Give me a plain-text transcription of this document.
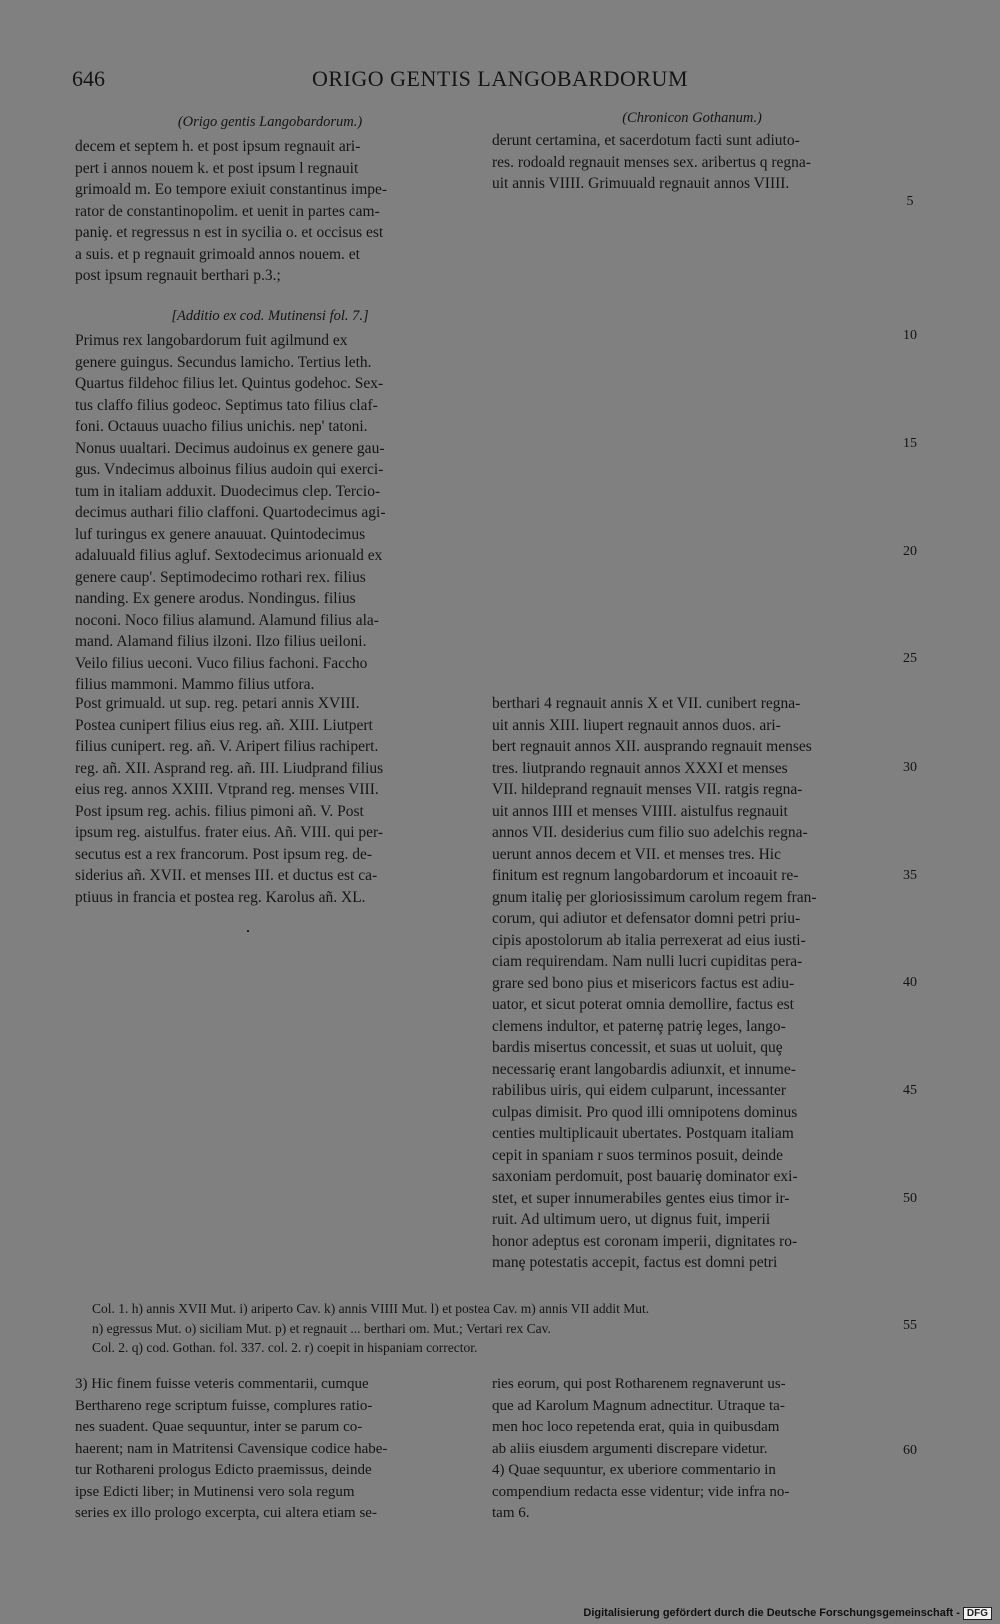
646	ORIGO GENTIS LANGOBARDORUM
(Origo gentis Langobardorum.)	(Chronicon Gothanum.)
decem et septem h. et post ipsum regnauit ari-
pert i annos nouem k. et post ipsum l regnauit
grimoald m. Eo tempore exiuit constantinus impe-
rator de constantinopolim. et uenit in partes cam-
paniȩ. et regressus n est in sycilia o. et occisus est
a suis. et p regnauit grimoald annos nouem. et
post ipsum regnauit berthari p.3.;
[Additio ex cod. Mutinensi fol. 7.]
Primus rex langobardorum fuit agilmund ex
genere guingus. Secundus lamicho. Tertius leth.
Quartus fildehoc filius let. Quintus godehoc. Sex-
tus claffo filius godeoc. Septimus tato filius claf-
foni. Octauus uuacho filius unichis. nep' tatoni.
Nonus uualtari. Decimus audoinus ex genere gau-
gus. Vndecimus alboinus filius audoin qui exerci-
tum in italiam adduxit. Duodecimus clep. Tercio-
decimus authari filio claffoni. Quartodecimus agi-
luf turingus ex genere anauuat. Quintodecimus
adaluuald filius agluf. Sextodecimus arionuald ex
genere caup'. Septimodecimo rothari rex. filius
nanding. Ex genere arodus. Nondingus. filius
noconi. Noco filius alamund. Alamund filius ala-
mand. Alamand filius ilzoni. Ilzo filius ueiloni.
Veilo filius ueconi. Vuco filius fachoni. Faccho
filius mammoni. Mammo filius utfora.
Post grimuald. ut sup. reg. petari annis XVIII.
Postea cunipert filius eius reg. añ. XIII. Liutpert
filius cunipert. reg. añ. V. Aripert filius rachipert.
reg. añ. XII. Asprand reg. añ. III. Liudprand filius
eius reg. annos XXIII. Vtprand reg. menses VIII.
Post ipsum reg. achis. filius pimoni añ. V. Post
ipsum reg. aistulfus. frater eius. Añ. VIII. qui per-
secutus est a rex francorum. Post ipsum reg. de-
siderius añ. XVII. et menses III. et ductus est ca-
ptiuus in francia et postea reg. Karolus añ. XL.
derunt certamina, et sacerdotum facti sunt adiuto-
res. rodoald regnauit menses sex. aribertus q regna-
uit annis VIIII. Grimuuald regnauit annos VIIII.
berthari 4 regnauit annis X et VII. cunibert regna-
uit annis XIII. liupert regnauit annos duos. ari-
bert regnauit annos XII. ausprando regnauit menses
tres. liutprando regnauit annos XXXI et menses
VII. hildeprand regnauit menses VII. ratgis regna-
uit annos IIII et menses VIIII. aistulfus regnauit
annos VII. desiderius cum filio suo adelchis regna-
uerunt annos decem et VII. et menses tres. Hic
finitum est regnum langobardorum et incoauit re-
gnum italiȩ per gloriosissimum carolum regem fran-
corum, qui adiutor et defensator domni petri priu-
cipis apostolorum ab italia perrexerat ad eius iusti-
ciam requirendam. Nam nulli lucri cupiditas pera-
grare sed bono pius et misericors factus est adiu-
uator, et sicut poterat omnia demollire, factus est
clemens indultor, et paternȩ patriȩ leges, lango-
bardis misertus concessit, et suas ut uoluit, quȩ
necessariȩ erant langobardis adiunxit, et innume-
rabilibus uiris, qui eidem culparunt, incessanter
culpas dimisit. Pro quod illi omnipotens dominus
centies multiplicauit ubertates. Postquam italiam
cepit in spaniam r suos terminos posuit, deinde
saxoniam perdomuit, post bauariȩ dominator exi-
stet, et super innumerabiles gentes eius timor ir-
ruit. Ad ultimum uero, ut dignus fuit, imperii
honor adeptus est coronam imperii, dignitates ro-
manȩ potestatis accepit, factus est domni petri
5
10
15
20
25
30
35
40
45
50
55
60
Col. 1. h) annis XVII Mut. i) ariperto Cav. k) annis VIIII Mut. l) et postea Cav. m) annis VII addit Mut.
n) egressus Mut. o) siciliam Mut. p) et regnauit ... berthari om. Mut.; Vertari rex Cav.
Col. 2. q) cod. Gothan. fol. 337. col. 2. r) coepit in hispaniam corrector.
3) Hic finem fuisse veteris commentarii, cumque
Berthareno rege scriptum fuisse, complures ratio-
nes suadent. Quae sequuntur, inter se parum co-
haerent; nam in Matritensi Cavensique codice habe-
tur Rothareni prologus Edicto praemissus, deinde
ipse Edicti liber; in Mutinensi vero sola regum
series ex illo prologo excerpta, cui altera etiam se-
ries eorum, qui post Rotharenem regnaverunt us-
que ad Karolum Magnum adnectitur. Utraque ta-
men hoc loco repetenda erat, quia in quibusdam
ab aliis eiusdem argumenti discrepare videtur.
4) Quae sequuntur, ex uberiore commentario in
compendium redacta esse videntur; vide infra no-
tam 6.
Digitalisierung gefördert durch die Deutsche Forschungsgemeinschaft - DFG
